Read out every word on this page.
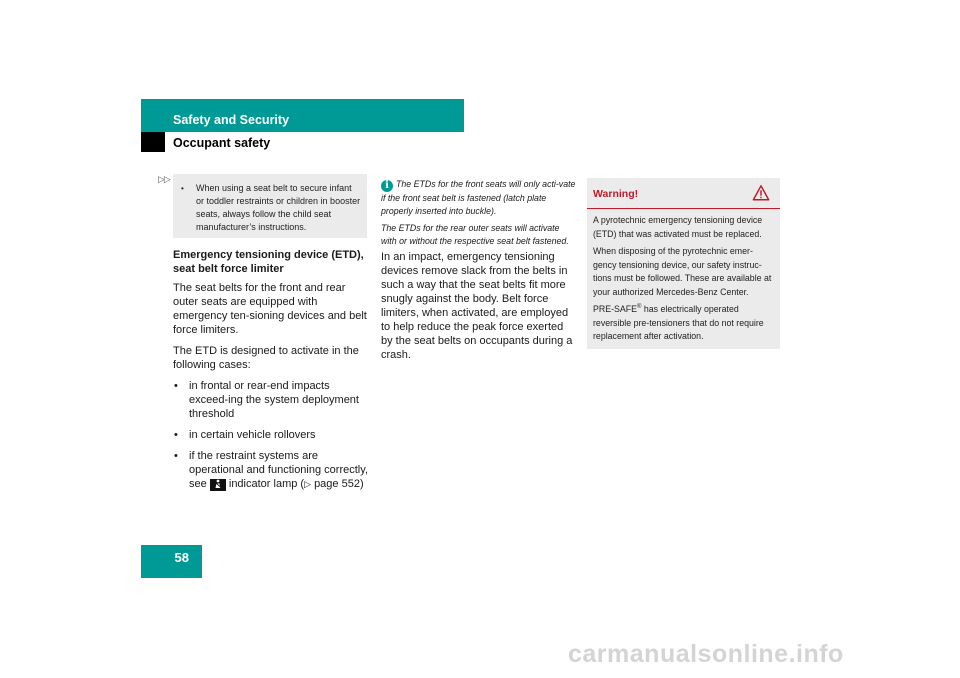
Safety and Security
Occupant safety
▷▷
• When using a seat belt to secure infant or toddler restraints or children in booster seats, always follow the child seat manufacturer’s instructions.

Emergency tensioning device (ETD), seat belt force limiter

The seat belts for the front and rear outer seats are equipped with emergency ten-sioning devices and belt force limiters.

The ETD is designed to activate in the following cases:

• in frontal or rear-end impacts exceed-ing the system deployment threshold
• in certain vehicle rollovers
• if the restraint systems are operational and functioning correctly,
see indicator lamp (▷ page 552)

i The ETDs for the front seats will only acti-vate if the front seat belt is fastened (latch plate properly inserted into buckle).

The ETDs for the rear outer seats will activate with or without the respective seat belt fastened.

In an impact, emergency tensioning devices remove slack from the belts in such a way that the seat belts fit more snugly against the body. Belt force limiters, when activated, are employed to help reduce the peak force exerted by the seat belts on occupants during a crash.
Warning!

A pyrotechnic emergency tensioning device (ETD) that was activated must be replaced.

When disposing of the pyrotechnic emer-gency tensioning device, our safety instruc-tions must be followed. These are available at your authorized Mercedes-Benz Center.

PRE-SAFE® has electrically operated reversible pre-tensioners that do not require replacement after activation.

58
carmanualsonline.info
